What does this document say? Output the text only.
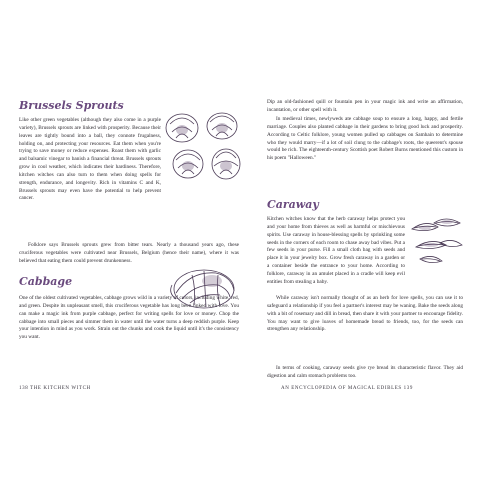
Brussels Sprouts

Like other green vegetables (although they also come in a purple variety), Brussels sprouts are linked with prosperity. Because their leaves are tightly bound into a ball, they connote frugalness, holding on, and protecting your resources. Eat them when you're trying to save money or reduce expenses. Roast them with garlic and balsamic vinegar to banish a financial threat. Brussels sprouts grow in cool weather, which indicates their hardiness. Therefore, kitchen witches can also turn to them when doing spells for strength, endurance, and longevity. Rich in vitamins C and K, Brussels sprouts may even have the potential to help prevent cancer.

Folklore says Brussels sprouts grew from bitter tears. Nearly a thousand years ago, these cruciferous vegetables were cultivated near Brussels, Belgium (hence their name), where it was believed that eating them could prevent drunkenness.

Cabbage

One of the oldest cultivated vegetables, cabbage grows wild in a variety of colors, including white, red, and green. Despite its unpleasant smell, this cruciferous vegetable has long been linked with love. You can make a magic ink from purple cabbage, perfect for writing spells for love or money. Chop the cabbage into small pieces and simmer them in water until the water turns a deep reddish purple. Keep your intention in mind as you work. Strain out the chunks and cook the liquid until it's the consistency you want.

138 THE KITCHEN WITCH

Dip an old-fashioned quill or fountain pen in your magic ink and write an affirmation, incantation, or other spell with it.

In medieval times, newlyweds ate cabbage soup to ensure a long, happy, and fertile marriage. Couples also planted cabbage in their gardens to bring good luck and prosperity. According to Celtic folklore, young women pulled up cabbages on Samhain to determine who they would marry—if a lot of soil clung to the cabbage's roots, the queerent's spouse would be rich. The eighteenth-century Scottish poet Robert Burns mentioned this custom in his poem "Halloween."

Caraway

Kitchen witches know that the herb caraway helps protect you and your home from thieves as well as harmful or mischievous spirits. Use caraway in house-blessing spells by sprinkling some seeds in the corners of each room to chase away bad vibes. Put a few seeds in your purse. Fill a small cloth bag with seeds and place it in your jewelry box. Grow fresh caraway in a garden or a container beside the entrance to your home. According to folklore, caraway in an amulet placed in a cradle will keep evil entities from stealing a baby.

While caraway isn't normally thought of as an herb for love spells, you can use it to safeguard a relationship if you feel a partner's interest may be waning. Bake the seeds along with a bit of rosemary and dill in bread, then share it with your partner to encourage fidelity. You may want to give loaves of homemade bread to friends, too, for the seeds can strengthen any relationship.

In terms of cooking, caraway seeds give rye bread its characteristic flavor. They aid digestion and calm stomach problems too.

AN ENCYCLOPEDIA OF MAGICAL EDIBLES 139
